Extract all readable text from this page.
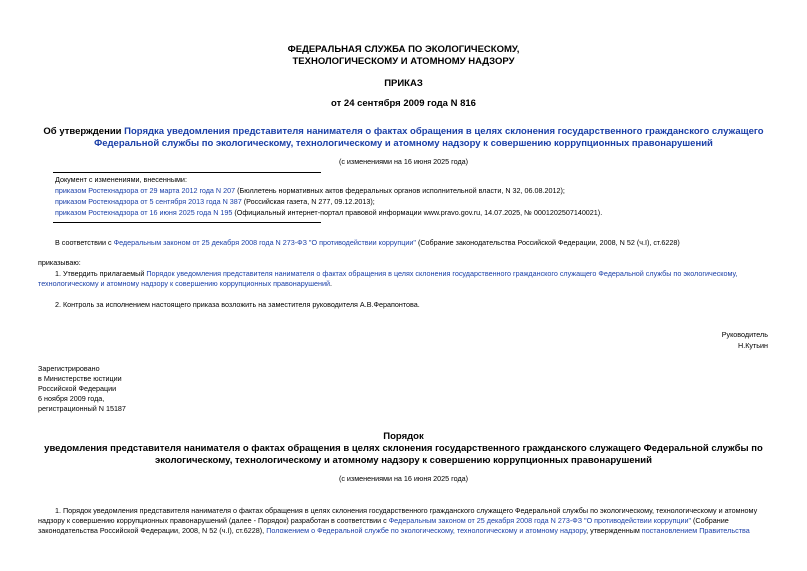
ФЕДЕРАЛЬНАЯ СЛУЖБА ПО ЭКОЛОГИЧЕСКОМУ,
ТЕХНОЛОГИЧЕСКОМУ И АТОМНОМУ НАДЗОРУ
ПРИКАЗ
от 24 сентября 2009 года N 816
Об утверждении Порядка уведомления представителя нанимателя о фактах обращения в целях склонения государственного гражданского служащего
Федеральной службы по экологическому, технологическому и атомному надзору к совершению коррупционных правонарушений
(с изменениями на 16 июня 2025 года)
Документ с изменениями, внесенными:
приказом Ростехнадзора от 29 марта 2012 года N 207 (Бюллетень нормативных актов федеральных органов исполнительной власти, N 32, 06.08.2012);
приказом Ростехнадзора от 5 сентября 2013 года N 387 (Российская газета, N 277, 09.12.2013);
приказом Ростехнадзора от 16 июня 2025 года N 195 (Официальный интернет-портал правовой информации www.pravo.gov.ru, 14.07.2025, № 0001202507140021).
В соответствии с Федеральным законом от 25 декабря 2008 года N 273-ФЗ "О противодействии коррупции" (Собрание законодательства Российской Федерации, 2008, N 52 (ч.I), ст.6228)
приказываю:
1. Утвердить прилагаемый Порядок уведомления представителя нанимателя о фактах обращения в целях склонения государственного гражданского служащего Федеральной службы по экологическому,
технологическому и атомному надзору к совершению коррупционных правонарушений.
2. Контроль за исполнением настоящего приказа возложить на заместителя руководителя А.В.Ферапонтова.
Руководитель
Н.Кутьин
Зарегистрировано
в Министерстве юстиции
Российской Федерации
6 ноября 2009 года,
регистрационный N 15187
Порядок
уведомления представителя нанимателя о фактах обращения в целях склонения государственного гражданского служащего Федеральной службы по
экологическому, технологическому и атомному надзору к совершению коррупционных правонарушений
(с изменениями на 16 июня 2025 года)
1. Порядок уведомления представителя нанимателя о фактах обращения в целях склонения государственного гражданского служащего Федеральной службы по экологическому, технологическому и атомному
надзору к совершению коррупционных правонарушений (далее - Порядок) разработан в соответствии с Федеральным законом от 25 декабря 2008 года N 273-ФЗ "О противодействии коррупции" (Собрание
законодательства Российской Федерации, 2008, N 52 (ч.I), ст.6228), Положением о Федеральной службе по экологическому, технологическому и атомному надзору, утвержденным постановлением Правительства
